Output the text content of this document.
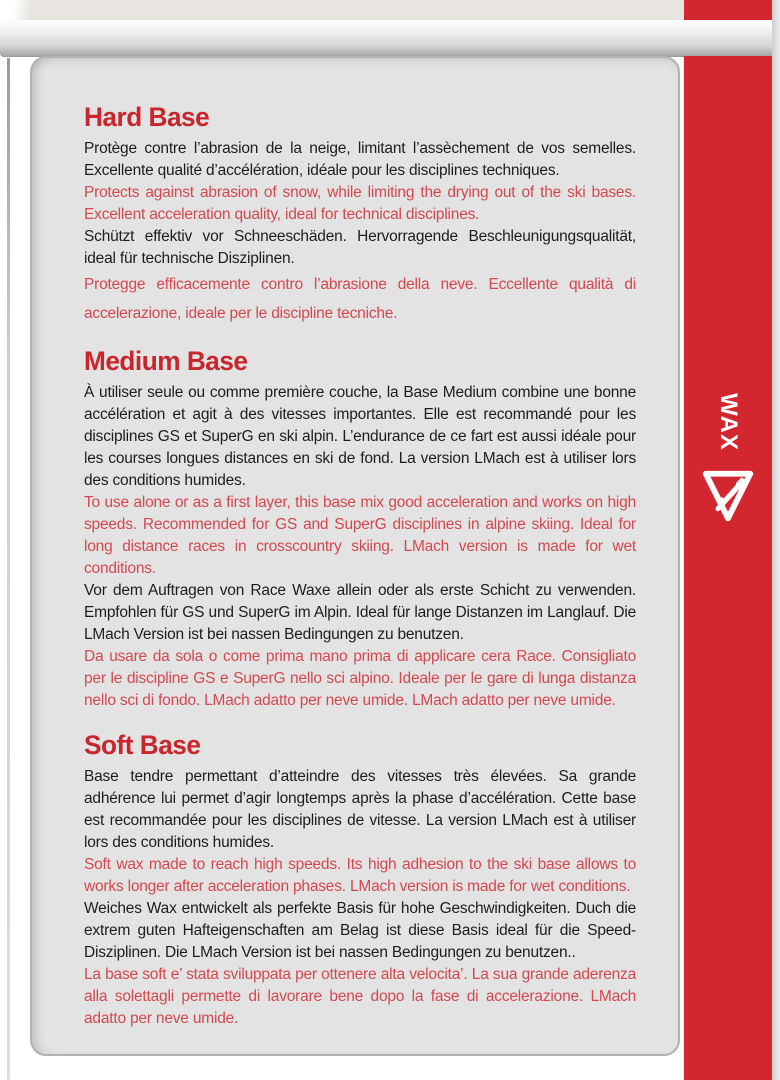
Hard Base

Protège contre l’abrasion de la neige, limitant l’assèchement de vos semelles. Excellente qualité d’accélération, idéale pour les disciplines techniques.

Protects against abrasion of snow, while limiting the drying out of the ski bases. Excellent acceleration quality, ideal for technical disciplines.

Schützt effektiv vor Schneeschäden. Hervorragende Beschleunigungsqualität, ideal für technische Disziplinen.

Protegge efficacemente contro l’abrasione della neve. Eccellente qualità di accelerazione, ideale per le discipline tecniche.

Medium Base

À utiliser seule ou comme première couche, la Base Medium combine une bonne accélération et agit à des vitesses importantes. Elle est recommandé pour les disciplines GS et SuperG en ski alpin. L’endurance de ce fart est aussi idéale pour les courses longues distances en ski de fond. La version LMach est à utiliser lors des conditions humides.

To use alone or as a first layer, this base mix good acceleration and works on high speeds. Recommended for GS and SuperG disciplines in alpine skiing. Ideal for long distance races in crosscountry skiing. LMach version is made for wet conditions.

Vor dem Auftragen von Race Waxe allein oder als erste Schicht zu verwenden. Empfohlen für GS und SuperG im Alpin. Ideal für lange Distanzen im Langlauf. Die LMach Version ist bei nassen Bedingungen zu benutzen.

Da usare da sola o come prima mano prima di applicare cera Race. Consigliato per le discipline GS e SuperG nello sci alpino. Ideale per le gare di lunga distanza nello sci di fondo. LMach adatto per neve umide. LMach adatto per neve umide.

Soft Base

Base tendre permettant d’atteindre des vitesses très élevées. Sa grande adhérence lui permet d’agir longtemps après la phase d’accélération. Cette base est recommandée pour les disciplines de vitesse. La version LMach est à utiliser lors des conditions humides.

Soft wax made to reach high speeds. Its high adhesion to the ski base allows to works longer after acceleration phases. LMach version is made for wet conditions.

Weiches Wax entwickelt als perfekte Basis für hohe Geschwindigkeiten. Duch die extrem guten Hafteigenschaften am Belag ist diese Basis ideal für die Speed-Disziplinen. Die LMach Version ist bei nassen Bedingungen zu benutzen..

La base soft e’ stata sviluppata per ottenere alta velocita’. La sua grande aderenza alla solettagli permette di lavorare bene dopo la fase di accelerazione. LMach adatto per neve umide.

WAX
